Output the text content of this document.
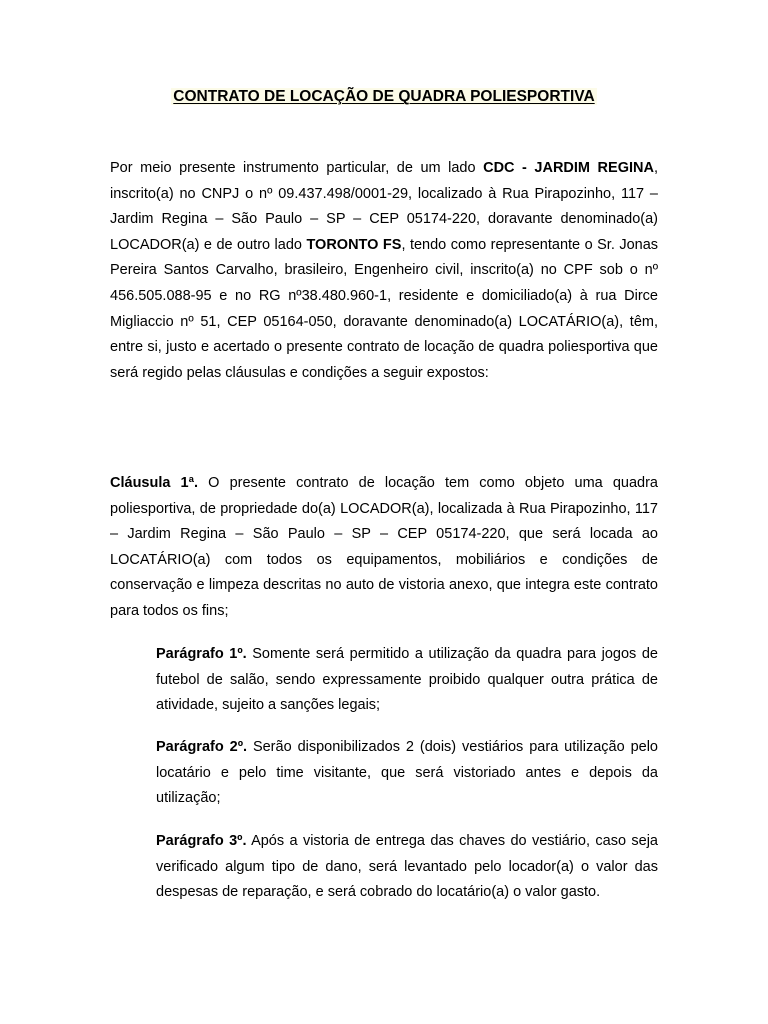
CONTRATO DE LOCAÇÃO DE QUADRA POLIESPORTIVA

Por meio presente instrumento particular, de um lado CDC - JARDIM REGINA, inscrito(a) no CNPJ o nº 09.437.498/0001-29, localizado à Rua Pirapozinho, 117 – Jardim Regina – São Paulo – SP – CEP 05174-220, doravante denominado(a) LOCADOR(a) e de outro lado TORONTO FS, tendo como representante o Sr. Jonas Pereira Santos Carvalho, brasileiro, Engenheiro civil, inscrito(a) no CPF sob o nº 456.505.088-95 e no RG nº38.480.960-1, residente e domiciliado(a) à rua Dirce Migliaccio nº 51, CEP 05164-050, doravante denominado(a) LOCATÁRIO(a), têm, entre si, justo e acertado o presente contrato de locação de quadra poliesportiva que será regido pelas cláusulas e condições a seguir expostos:

Cláusula 1ª. O presente contrato de locação tem como objeto uma quadra poliesportiva, de propriedade do(a) LOCADOR(a), localizada à Rua Pirapozinho, 117 – Jardim Regina – São Paulo – SP – CEP 05174-220, que será locada ao LOCATÁRIO(a) com todos os equipamentos, mobiliários e condições de conservação e limpeza descritas no auto de vistoria anexo, que integra este contrato para todos os fins;

Parágrafo 1º. Somente será permitido a utilização da quadra para jogos de futebol de salão, sendo expressamente proibido qualquer outra prática de atividade, sujeito a sanções legais;

Parágrafo 2º. Serão disponibilizados 2 (dois) vestiários para utilização pelo locatário e pelo time visitante, que será vistoriado antes e depois da utilização;

Parágrafo 3º. Após a vistoria de entrega das chaves do vestiário, caso seja verificado algum tipo de dano, será levantado pelo locador(a) o valor das despesas de reparação, e será cobrado do locatário(a) o valor gasto.
